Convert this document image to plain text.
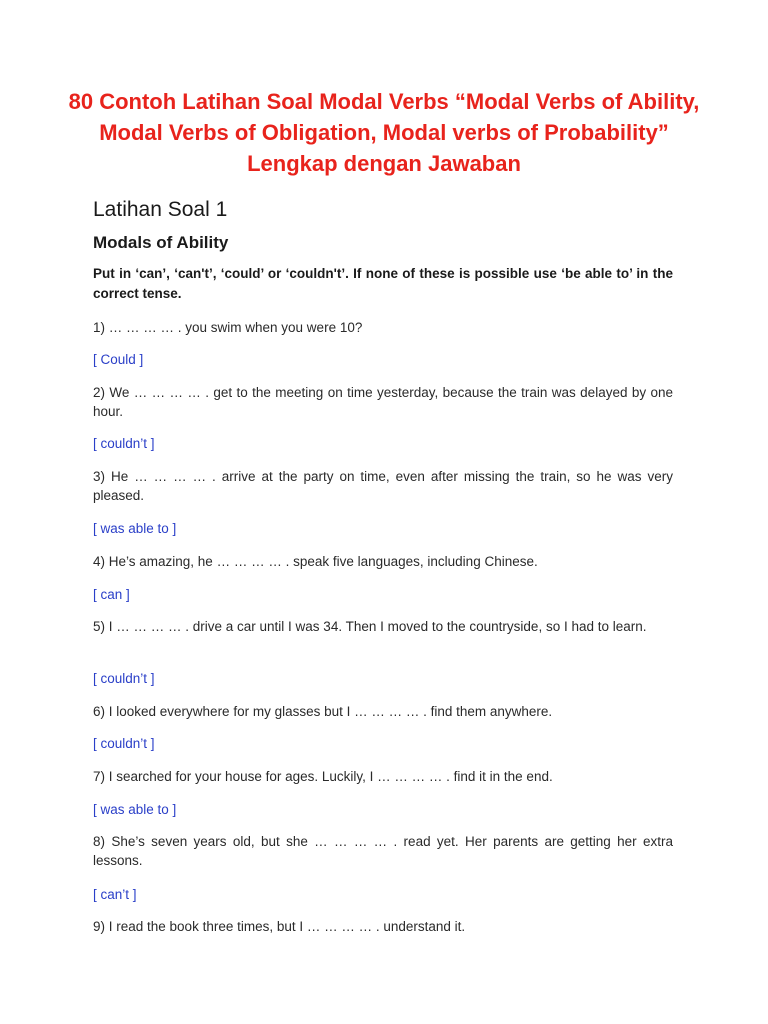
80 Contoh Latihan Soal Modal Verbs “Modal Verbs of Ability, Modal Verbs of Obligation, Modal verbs of Probability” Lengkap dengan Jawaban
Latihan Soal 1
Modals of Ability

Put in ‘can’, ‘can't’, ‘could’ or ‘couldn't’. If none of these is possible use ‘be able to’ in the correct tense.

1) … … … … . you swim when you were 10?

[ Could ]

2) We … … … … . get to the meeting on time yesterday, because the train was delayed by one hour.

[ couldn’t ]

3) He … … … … . arrive at the party on time, even after missing the train, so he was very pleased.

[ was able to ]

4) He’s amazing, he … … … … . speak five languages, including Chinese.

[ can ]

5) I … … … … . drive a car until I was 34. Then I moved to the countryside, so I had to learn.

[ couldn’t ]

6) I looked everywhere for my glasses but I … … … … . find them anywhere.

[ couldn’t ]

7) I searched for your house for ages. Luckily, I … … … … . find it in the end.

[ was able to ]

8) She’s seven years old, but she … … … … . read yet. Her parents are getting her extra lessons.

[ can’t ]

9) I read the book three times, but I … … … … . understand it.
